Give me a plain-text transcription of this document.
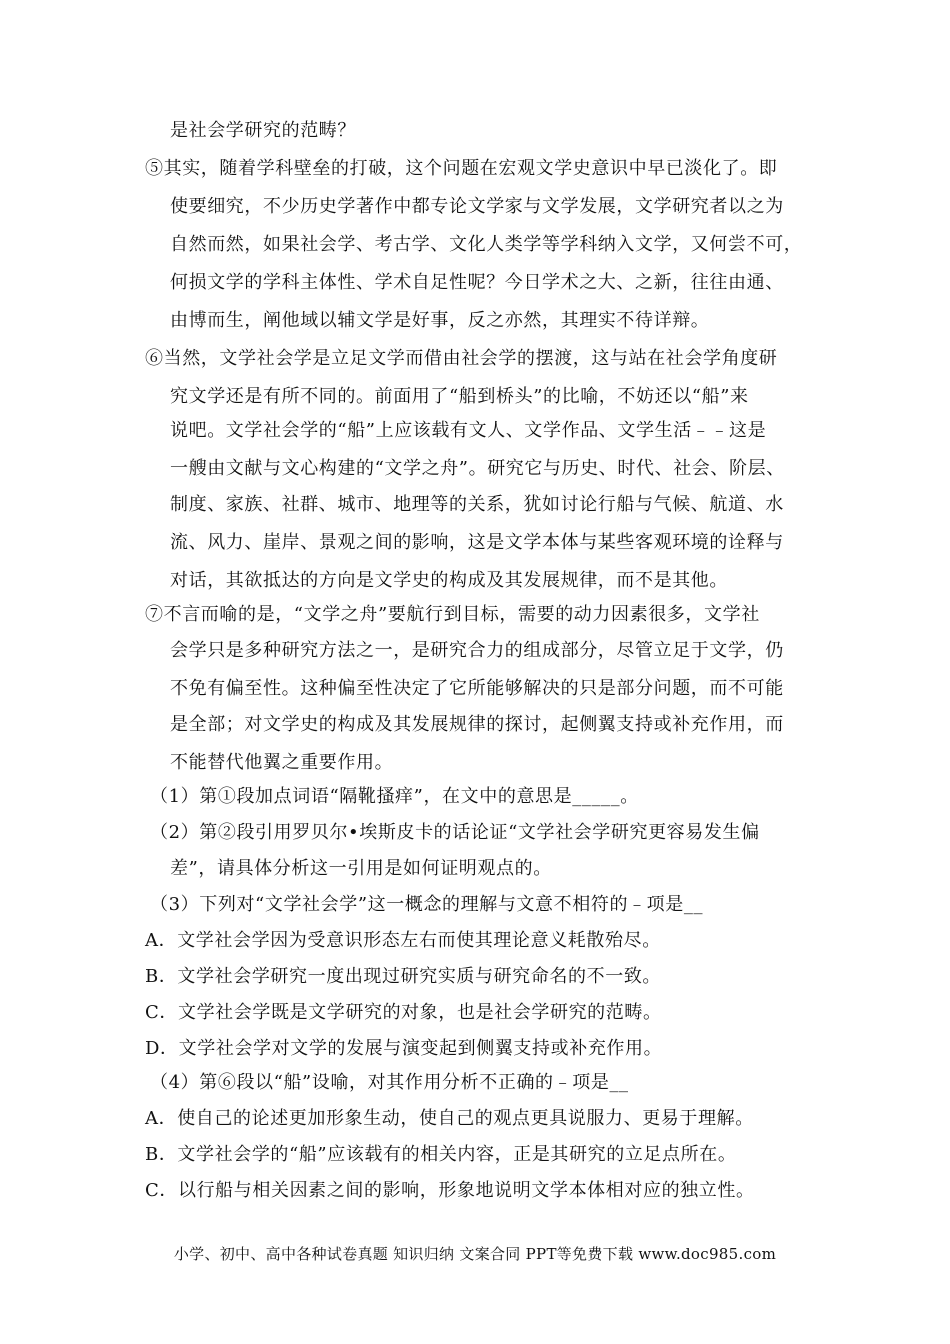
是社会学研究的范畴？
⑤其实，随着学科壁垒的打破，这个问题在宏观文学史意识中早已淡化了。即
使要细究，不少历史学著作中都专论文学家与文学发展，文学研究者以之为
自然而然，如果社会学、考古学、文化人类学等学科纳入文学，又何尝不可，
何损文学的学科主体性、学术自足性呢？今日学术之大、之新，往往由通、
由博而生，阐他域以辅文学是好事，反之亦然，其理实不待详辩。
⑥当然，文学社会学是立足文学而借由社会学的摆渡，这与站在社会学角度研
究文学还是有所不同的。前面用了“船到桥头”的比喻，不妨还以“船”来
说吧。文学社会学的“船”上应该载有文人、文学作品、文学生活﹣﹣这是
一艘由文献与文心构建的“文学之舟”。研究它与历史、时代、社会、阶层、
制度、家族、社群、城市、地理等的关系，犹如讨论行船与气候、航道、水
流、风力、崖岸、景观之间的影响，这是文学本体与某些客观环境的诠释与
对话，其欲抵达的方向是文学史的构成及其发展规律，而不是其他。
⑦不言而喻的是，“文学之舟”要航行到目标，需要的动力因素很多，文学社
会学只是多种研究方法之一，是研究合力的组成部分，尽管立足于文学，仍
不免有偏至性。这种偏至性决定了它所能够解决的只是部分问题，而不可能
是全部；对文学史的构成及其发展规律的探讨，起侧翼支持或补充作用，而
不能替代他翼之重要作用。
（1）第①段加点词语“隔靴搔痒”，在文中的意思是_____。
（2）第②段引用罗贝尔•埃斯皮卡的话论证“文学社会学研究更容易发生偏
差”，请具体分析这一引用是如何证明观点的。
（3）下列对“文学社会学”这一概念的理解与文意不相符的﹣项是__
A．文学社会学因为受意识形态左右而使其理论意义耗散殆尽。
B．文学社会学研究一度出现过研究实质与研究命名的不一致。
C．文学社会学既是文学研究的对象，也是社会学研究的范畴。
D．文学社会学对文学的发展与演变起到侧翼支持或补充作用。
（4）第⑥段以“船”设喻，对其作用分析不正确的﹣项是__
A．使自己的论述更加形象生动，使自己的观点更具说服力、更易于理解。
B．文学社会学的“船”应该载有的相关内容，正是其研究的立足点所在。
C．以行船与相关因素之间的影响，形象地说明文学本体相对应的独立性。
小学、初中、高中各种试卷真题 知识归纳 文案合同 PPT等免费下载 www.doc985.com
